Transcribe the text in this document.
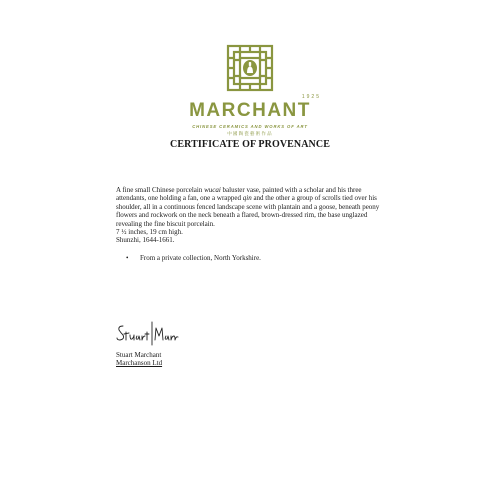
MARCHANT
1925
CHINESE CERAMICS AND WORKS OF ART
中國陶瓷藝術作品
CERTIFICATE OF PROVENANCE

A fine small Chinese porcelain wucai baluster vase, painted with a scholar and his three attendants, one holding a fan, one a wrapped qin and the other a group of scrolls tied over his shoulder, all in a continuous fenced landscape scene with plantain and a goose, beneath peony flowers and rockwork on the neck beneath a flared, brown-dressed rim, the base unglazed revealing the fine biscuit porcelain.

7 ½ inches, 19 cm high.

Shunzhi, 1644-1661.

• From a private collection, North Yorkshire.
Stuart Marchant
Marchanson Ltd
